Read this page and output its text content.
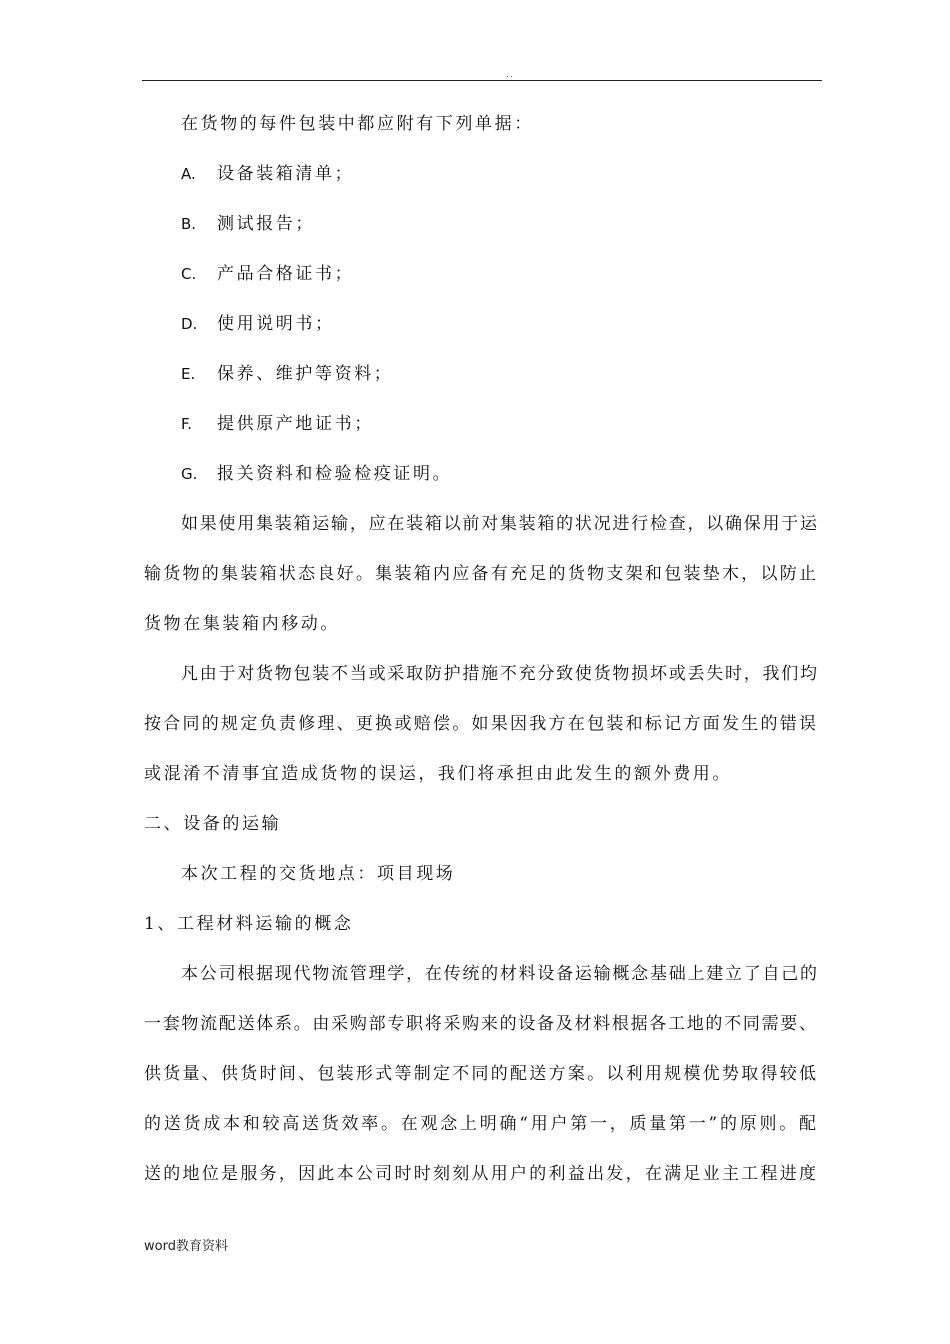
..
在货物的每件包装中都应附有下列单据：
A. 设备装箱清单；
B. 测试报告；
C. 产品合格证书；
D. 使用说明书；
E. 保养、维护等资料；
F. 提供原产地证书；
G. 报关资料和检验检疫证明。
如果使用集装箱运输，应在装箱以前对集装箱的状况进行检查，以确保用于运
输货物的集装箱状态良好。集装箱内应备有充足的货物支架和包装垫木，以防止
货物在集装箱内移动。
凡由于对货物包装不当或采取防护措施不充分致使货物损坏或丢失时，我们均
按合同的规定负责修理、更换或赔偿。如果因我方在包装和标记方面发生的错误
或混淆不清事宜造成货物的误运，我们将承担由此发生的额外费用。
二、设备的运输
本次工程的交货地点：项目现场
1、工程材料运输的概念
本公司根据现代物流管理学，在传统的材料设备运输概念基础上建立了自己的
一套物流配送体系。由采购部专职将采购来的设备及材料根据各工地的不同需要、
供货量、供货时间、包装形式等制定不同的配送方案。以利用规模优势取得较低
的送货成本和较高送货效率。在观念上明确“用户第一，质量第一”的原则。配
送的地位是服务，因此本公司时时刻刻从用户的利益出发，在满足业主工程进度
word教育资料
